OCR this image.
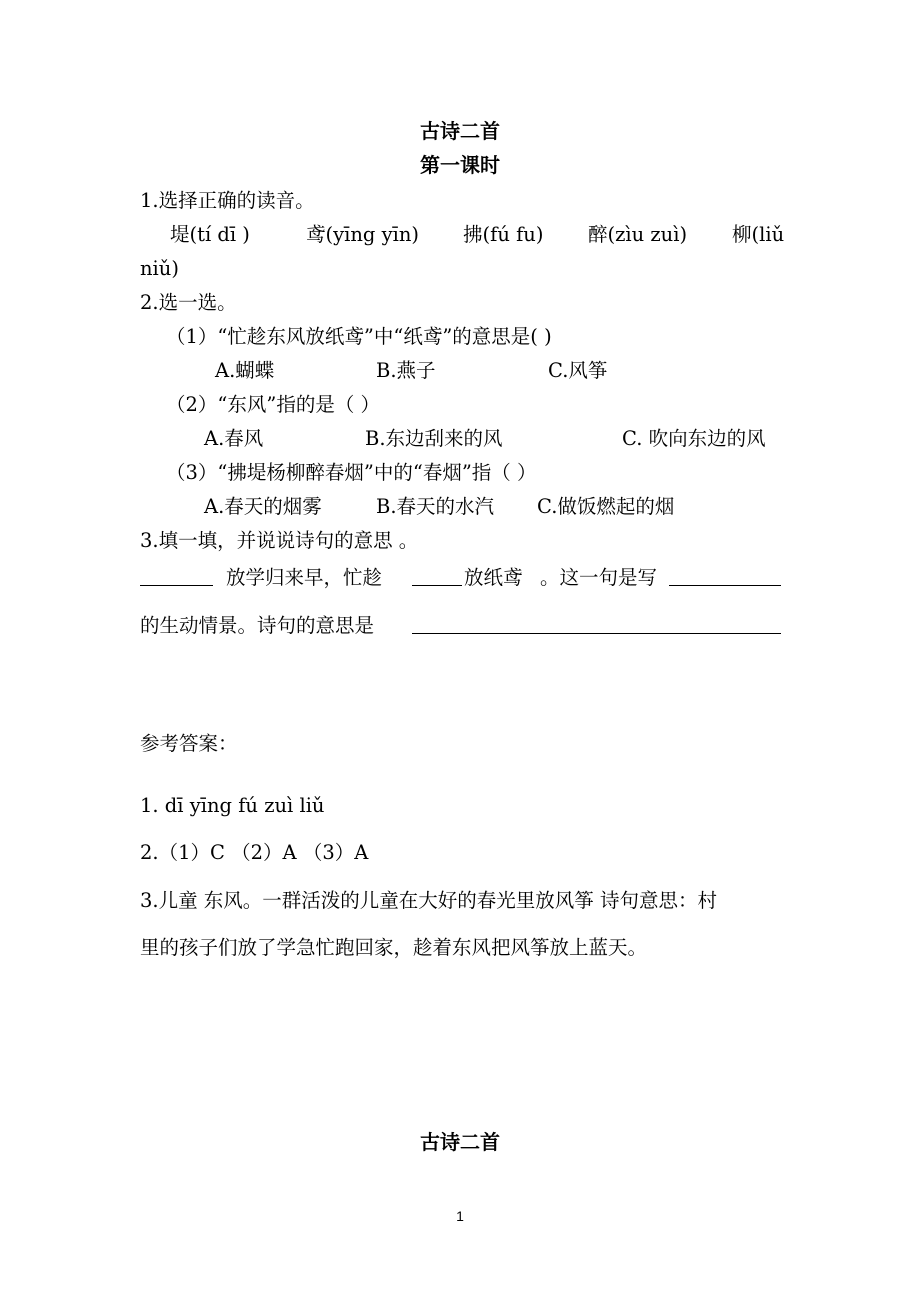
古诗二首
第一课时
1.选择正确的读音。
堤(tí dī )	鸢(yīng yīn) 拂(fú fu) 醉(zìu zuì) 柳(liǔ
niǔ)
2.选一选。
（1）“忙趁东风放纸鸢”中“纸鸢”的意思是( )
A.蝴蝶	B.燕子	C.风筝
（2）“东风”指的是（ ）
A.春风	B.东边刮来的风	C. 吹向东边的风
（3）“拂堤杨柳醉春烟”中的“春烟”指（ ）
A.春天的烟雾	B.春天的水汽 C.做饭燃起的烟
3.填一填，并说说诗句的意思 。
放学归来早，忙趁	放纸鸢 。这一句是写
的生动情景。诗句的意思是
参考答案：
1. dī yīng fú zuì liǔ
2.（1）C （2）A （3）A
3.儿童 东风。一群活泼的儿童在大好的春光里放风筝 诗句意思：村
里的孩子们放了学急忙跑回家，趁着东风把风筝放上蓝天。
古诗二首
1
